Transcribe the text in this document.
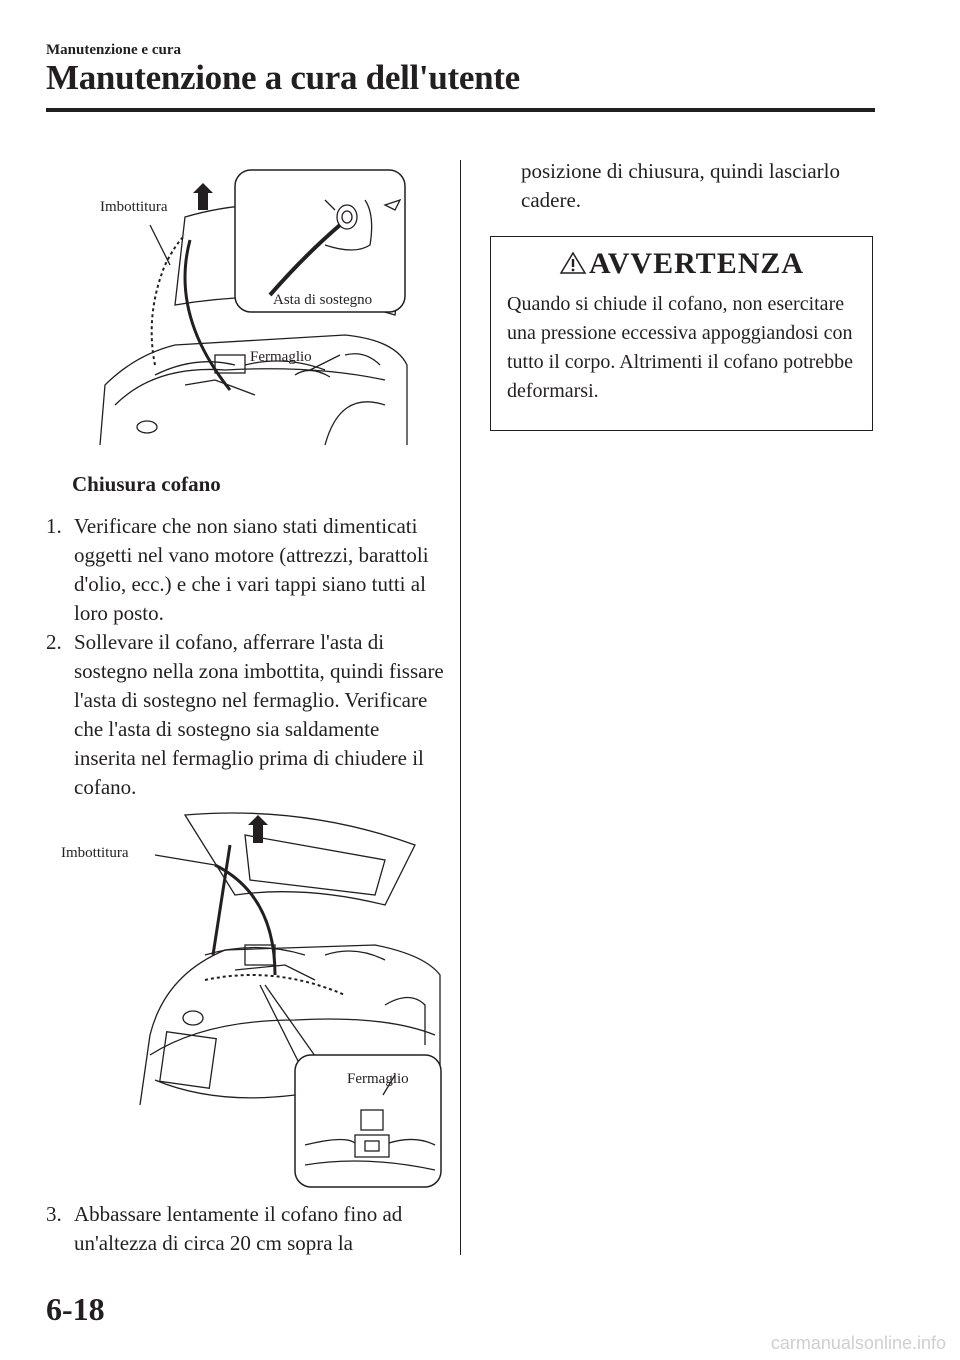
Manutenzione e cura
Manutenzione a cura dell'utente
Imbottitura
Asta di sostegno
Fermaglio
Chiusura cofano
1. Verificare che non siano stati dimenticati oggetti nel vano motore (attrezzi, barattoli d'olio, ecc.) e che i vari tappi siano tutti al loro posto.
2. Sollevare il cofano, afferrare l'asta di sostegno nella zona imbottita, quindi fissare l'asta di sostegno nel fermaglio. Verificare che l'asta di sostegno sia saldamente inserita nel fermaglio prima di chiudere il cofano.
Imbottitura
Fermaglio
3. Abbassare lentamente il cofano fino ad un'altezza di circa 20 cm sopra la
posizione di chiusura, quindi lasciarlo cadere.
AVVERTENZA
Quando si chiude il cofano, non esercitare una pressione eccessiva appoggiandosi con tutto il corpo. Altrimenti il cofano potrebbe deformarsi.
6-18
carmanualsonline.info
